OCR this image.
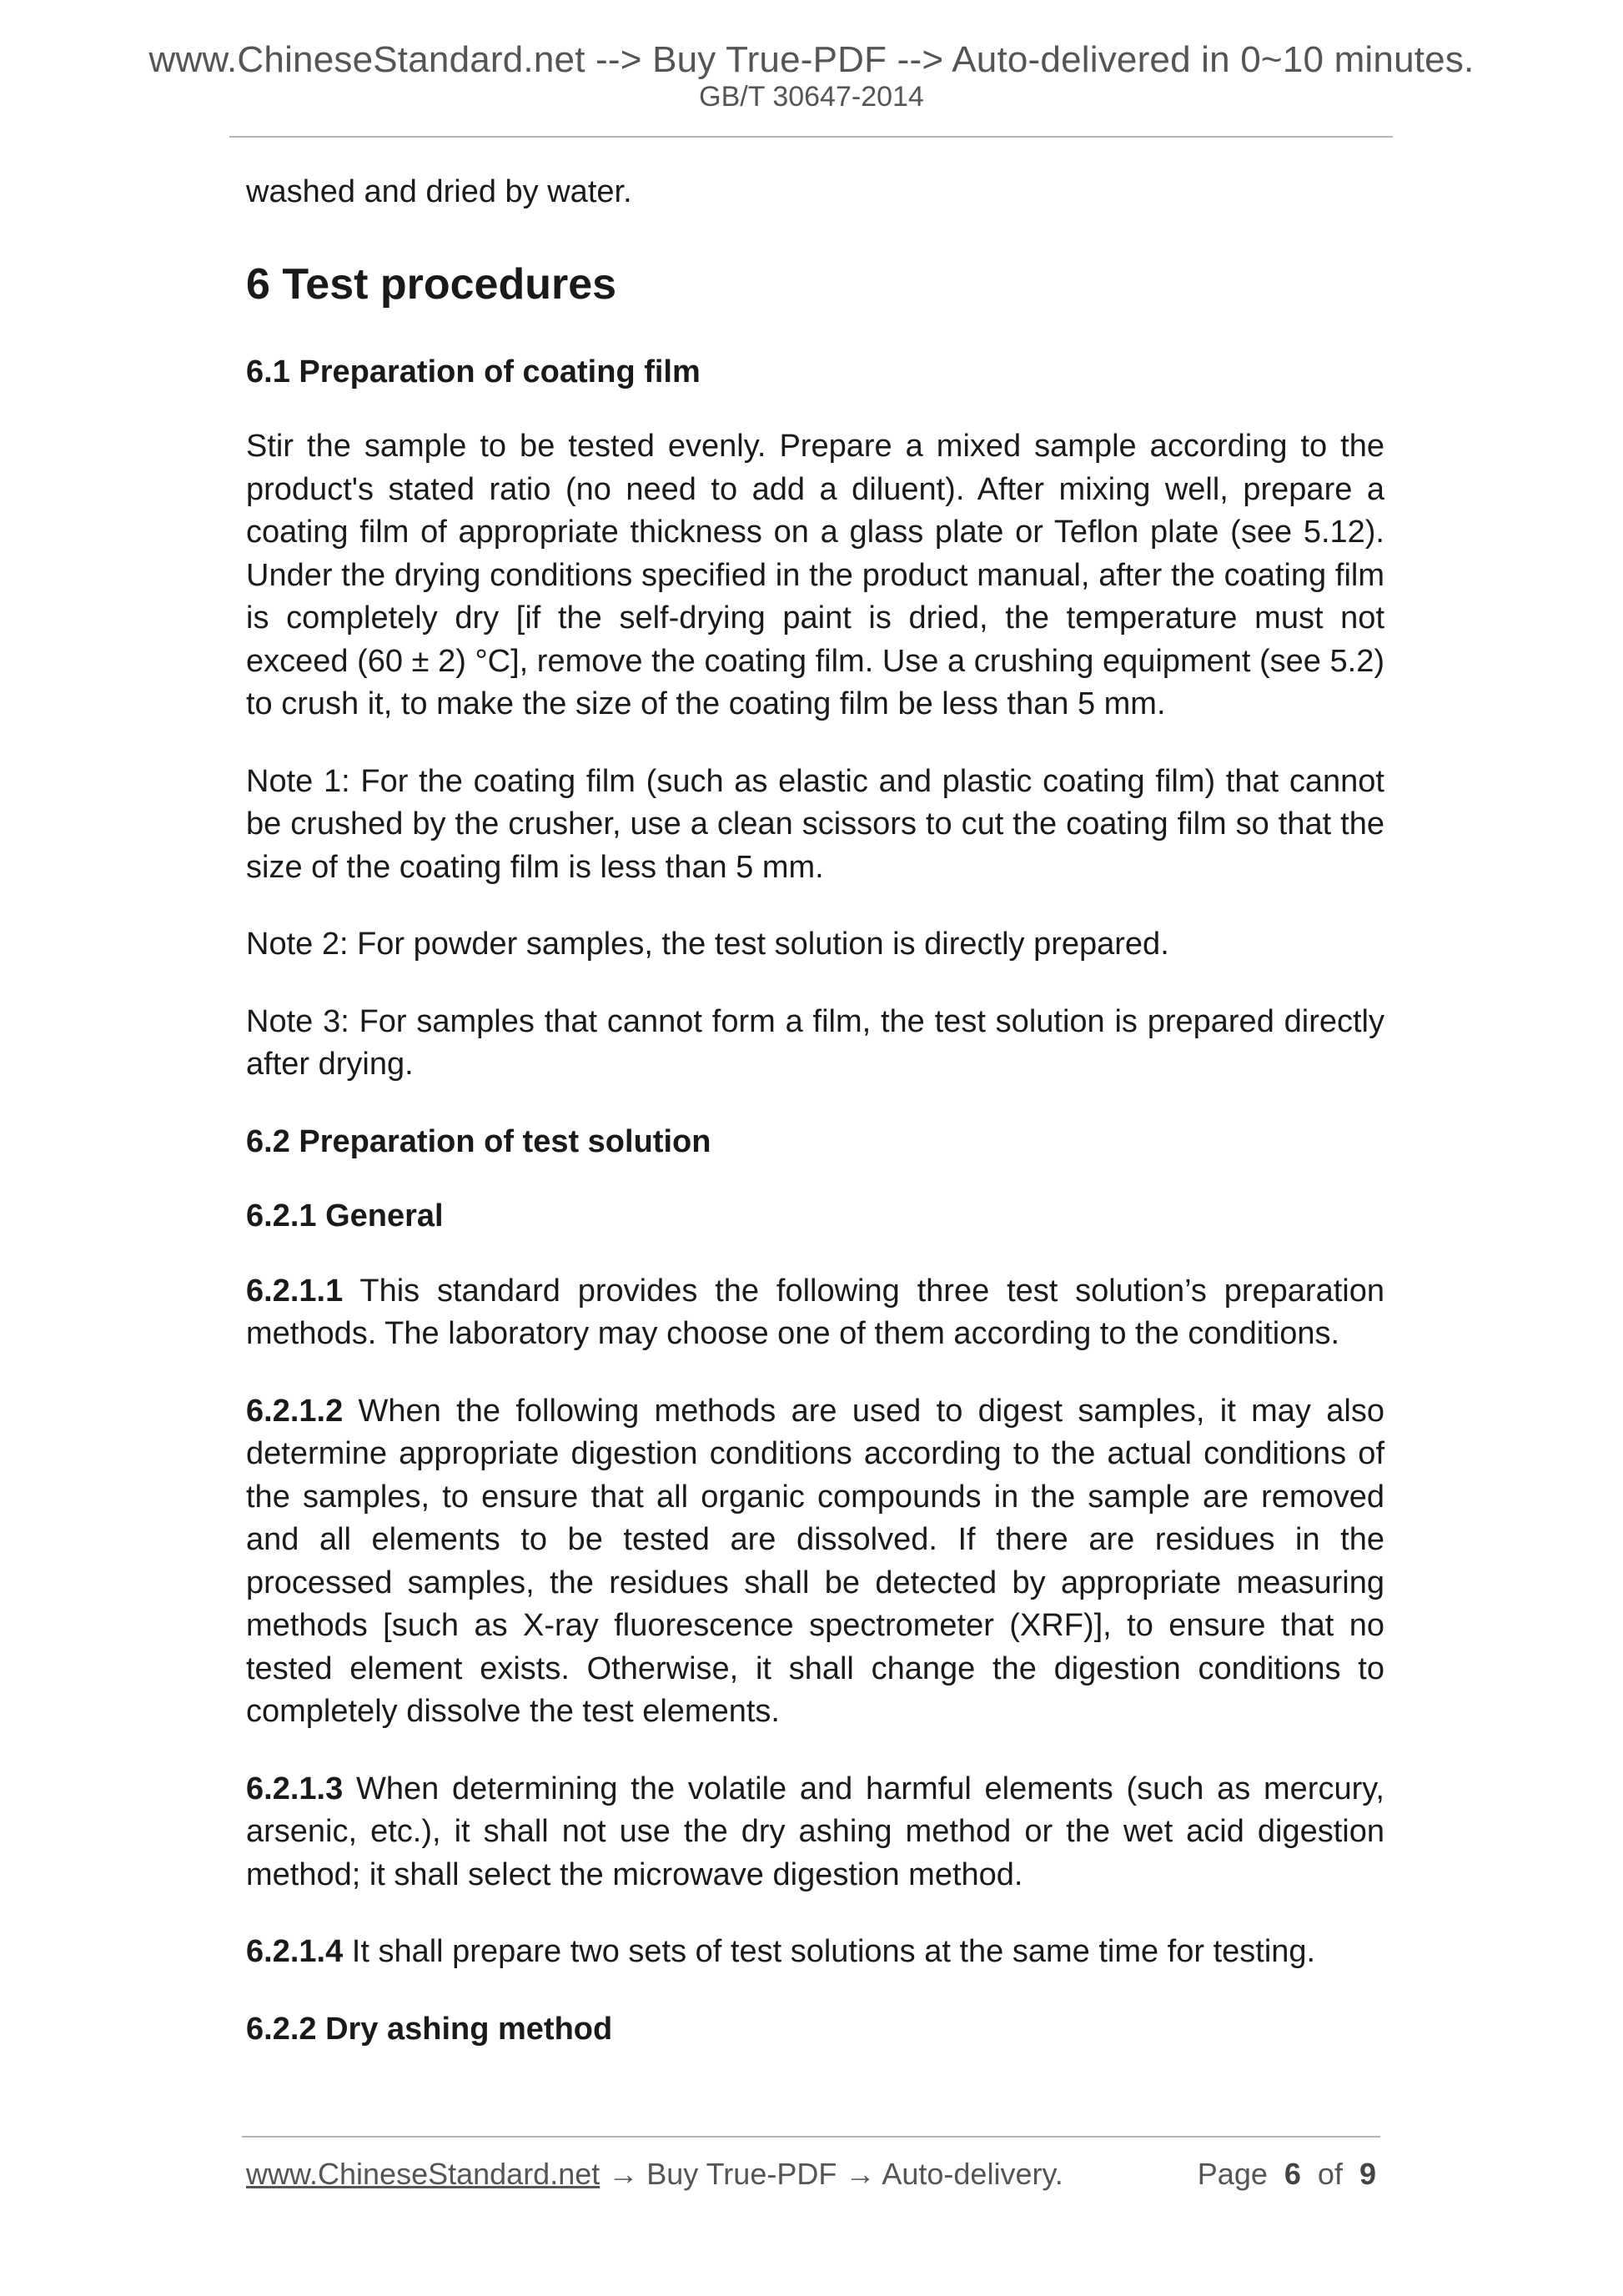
www.ChineseStandard.net --> Buy True-PDF --> Auto-delivered in 0~10 minutes.
GB/T 30647-2014

washed and dried by water.

6 Test procedures
6.1 Preparation of coating film

Stir the sample to be tested evenly. Prepare a mixed sample according to the product's stated ratio (no need to add a diluent). After mixing well, prepare a coating film of appropriate thickness on a glass plate or Teflon plate (see 5.12). Under the drying conditions specified in the product manual, after the coating film is completely dry [if the self-drying paint is dried, the temperature must not exceed (60 ± 2) °C], remove the coating film. Use a crushing equipment (see 5.2) to crush it, to make the size of the coating film be less than 5 mm.

Note 1: For the coating film (such as elastic and plastic coating film) that cannot be crushed by the crusher, use a clean scissors to cut the coating film so that the size of the coating film is less than 5 mm.

Note 2: For powder samples, the test solution is directly prepared.

Note 3: For samples that cannot form a film, the test solution is prepared directly after drying.

6.2 Preparation of test solution
6.2.1 General

6.2.1.1 This standard provides the following three test solution’s preparation methods. The laboratory may choose one of them according to the conditions.

6.2.1.2 When the following methods are used to digest samples, it may also determine appropriate digestion conditions according to the actual conditions of the samples, to ensure that all organic compounds in the sample are removed and all elements to be tested are dissolved. If there are residues in the processed samples, the residues shall be detected by appropriate measuring methods [such as X-ray fluorescence spectrometer (XRF)], to ensure that no tested element exists. Otherwise, it shall change the digestion conditions to completely dissolve the test elements.

6.2.1.3 When determining the volatile and harmful elements (such as mercury, arsenic, etc.), it shall not use the dry ashing method or the wet acid digestion method; it shall select the microwave digestion method.

6.2.1.4 It shall prepare two sets of test solutions at the same time for testing.

6.2.2 Dry ashing method
www.ChineseStandard.net → Buy True-PDF → Auto-delivery.	Page 6 of 9
